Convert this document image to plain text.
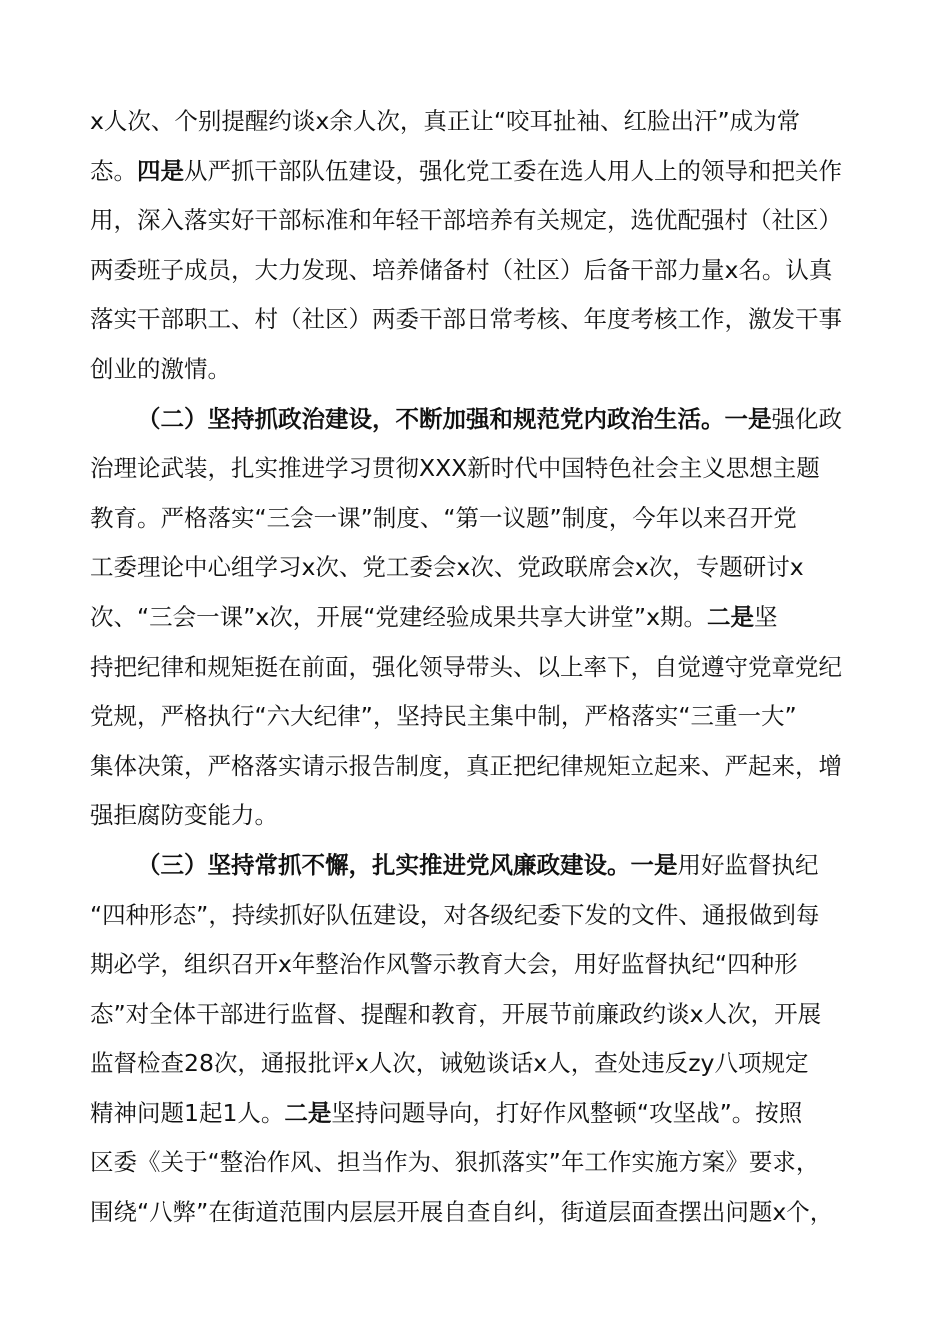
x人次、个别提醒约谈x余人次，真正让“咬耳扯袖、红脸出汗”成为常
态。四是从严抓干部队伍建设，强化党工委在选人用人上的领导和把关作
用，深入落实好干部标准和年轻干部培养有关规定，选优配强村（社区）
两委班子成员，大力发现、培养储备村（社区）后备干部力量x名。认真
落实干部职工、村（社区）两委干部日常考核、年度考核工作，激发干事
创业的激情。
（二）坚持抓政治建设，不断加强和规范党内政治生活。一是强化政
治理论武装，扎实推进学习贯彻XXX新时代中国特色社会主义思想主题
教育。严格落实“三会一课”制度、“第一议题”制度，今年以来召开党
工委理论中心组学习x次、党工委会x次、党政联席会x次，专题研讨x
次、“三会一课”x次，开展“党建经验成果共享大讲堂”x期。二是坚
持把纪律和规矩挺在前面，强化领导带头、以上率下，自觉遵守党章党纪
党规，严格执行“六大纪律”，坚持民主集中制，严格落实“三重一大”
集体决策，严格落实请示报告制度，真正把纪律规矩立起来、严起来，增
强拒腐防变能力。
（三）坚持常抓不懈，扎实推进党风廉政建设。一是用好监督执纪
“四种形态”，持续抓好队伍建设，对各级纪委下发的文件、通报做到每
期必学，组织召开x年整治作风警示教育大会，用好监督执纪“四种形
态”对全体干部进行监督、提醒和教育，开展节前廉政约谈x人次，开展
监督检查28次，通报批评x人次，诫勉谈话x人，查处违反zy八项规定
精神问题1起1人。二是坚持问题导向，打好作风整顿“攻坚战”。按照
区委《关于“整治作风、担当作为、狠抓落实”年工作实施方案》要求，
围绕“八弊”在街道范围内层层开展自查自纠，街道层面查摆出问题x个，
